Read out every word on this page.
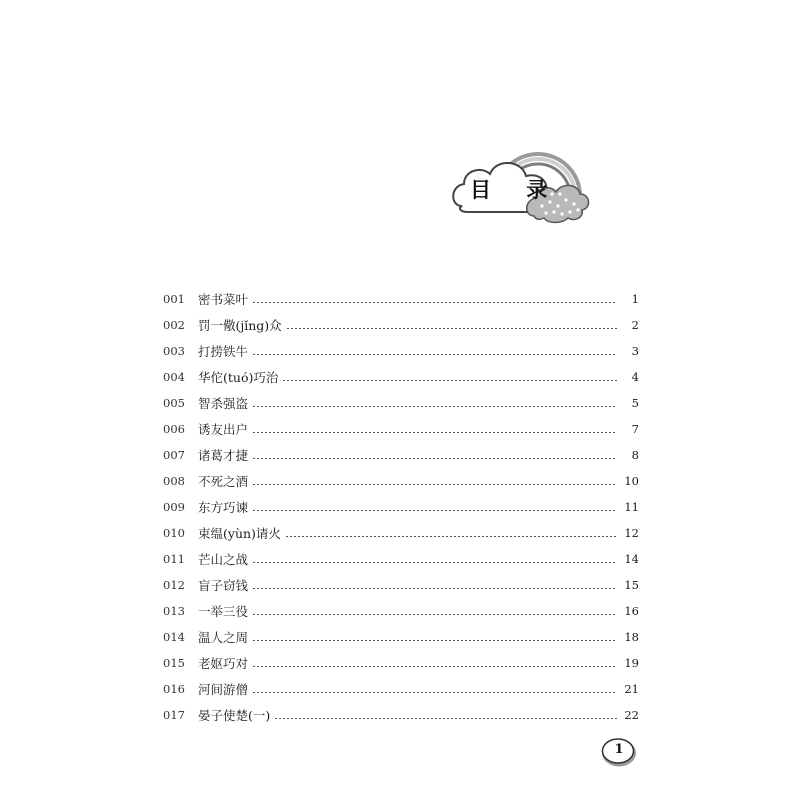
目 录
001	密书菜叶	1
002	罚一儆(jǐng)众	2
003	打捞铁牛	3
004	华佗(tuó)巧治	4
005	智杀强盗	5
006	诱友出户	7
007	诸葛才捷	8
008	不死之酒	10
009	东方巧谏	11
010	束缊(yùn)请火	12
011	芒山之战	14
012	盲子窃钱	15
013	一举三役	16
014	温人之周	18
015	老妪巧对	19
016	河间游僧	21
017	晏子使楚(一)	22
1
